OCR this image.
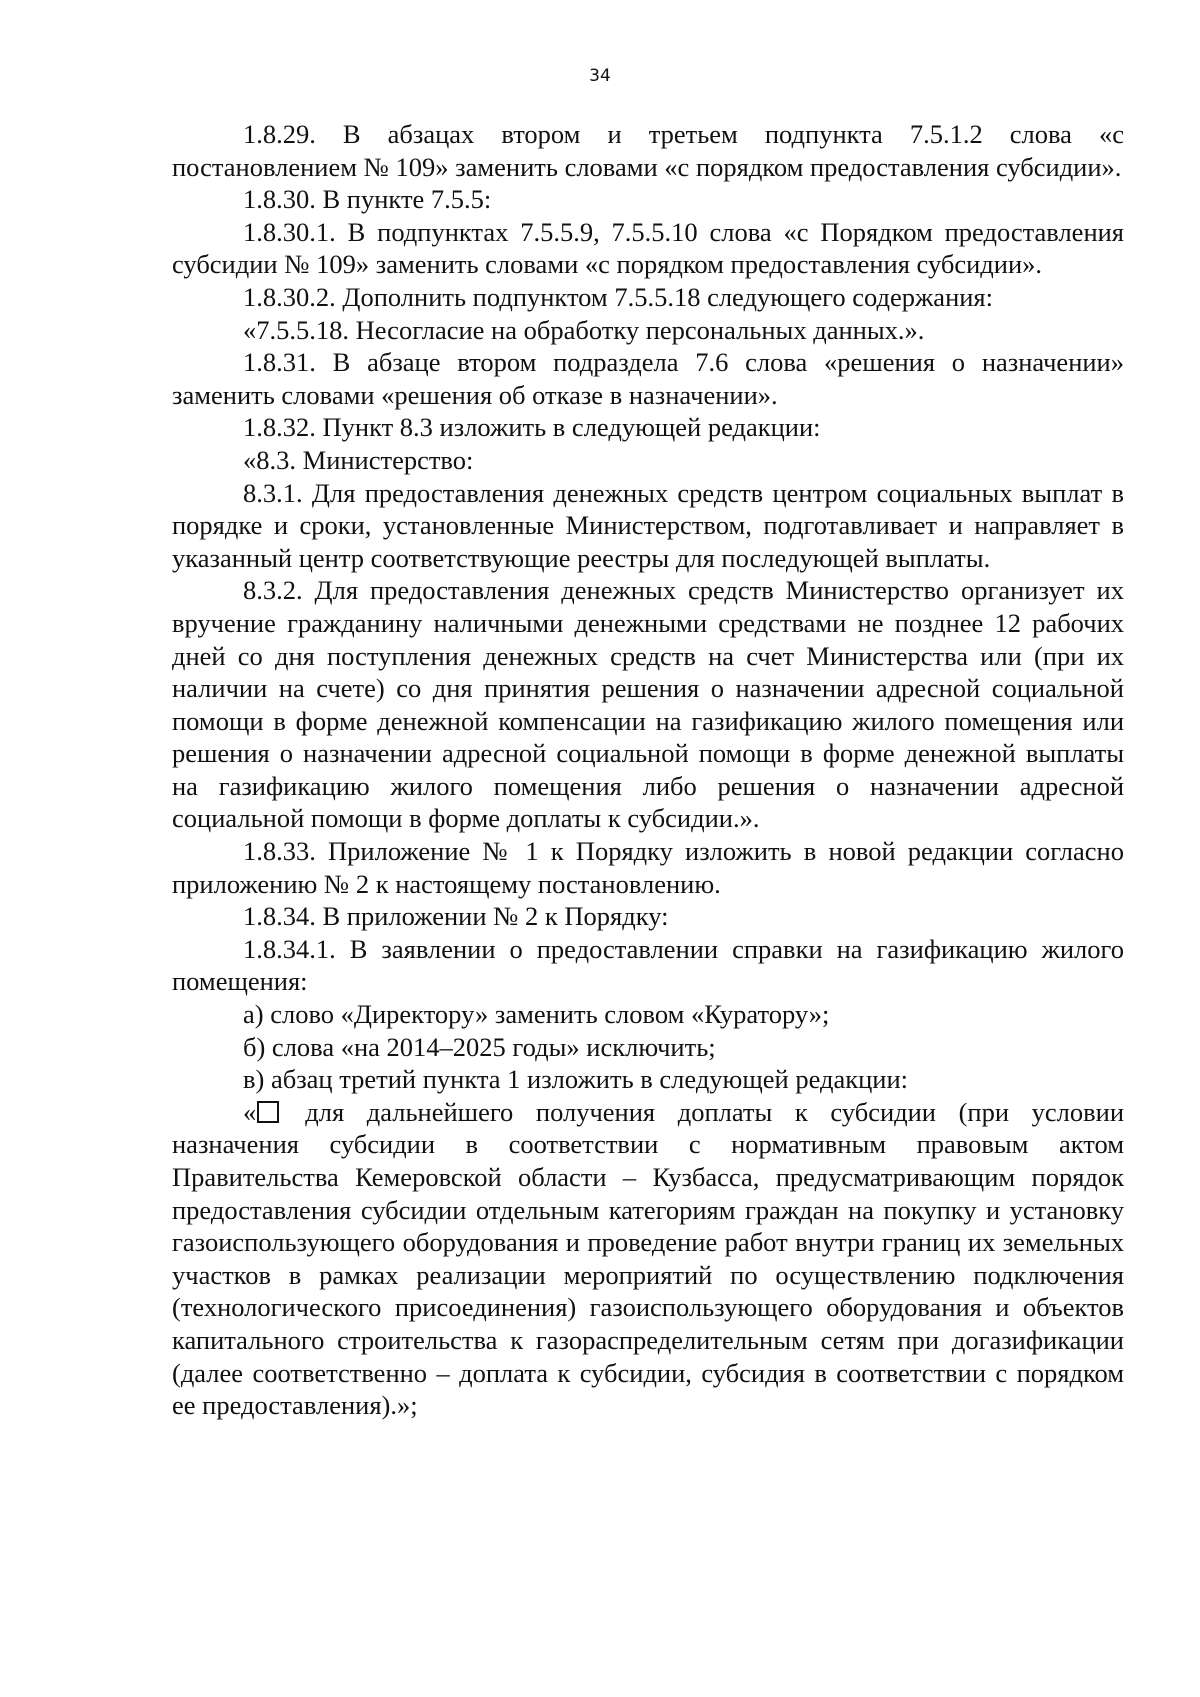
34

1.8.29. В абзацах втором и третьем подпункта 7.5.1.2 слова «с постановлением № 109» заменить словами «с порядком предоставления субсидии».

1.8.30. В пункте 7.5.5:

1.8.30.1. В подпунктах 7.5.5.9, 7.5.5.10 слова «с Порядком предоставления субсидии № 109» заменить словами «с порядком предоставления субсидии».

1.8.30.2. Дополнить подпунктом 7.5.5.18 следующего содержания:

«7.5.5.18. Несогласие на обработку персональных данных.».

1.8.31. В абзаце втором подраздела 7.6 слова «решения о назначении» заменить словами «решения об отказе в назначении».

1.8.32. Пункт 8.3 изложить в следующей редакции:

«8.3. Министерство:

8.3.1. Для предоставления денежных средств центром социальных выплат в порядке и сроки, установленные Министерством, подготавливает и направляет в указанный центр соответствующие реестры для последующей выплаты.

8.3.2. Для предоставления денежных средств Министерство организует их вручение гражданину наличными денежными средствами не позднее 12 рабочих дней со дня поступления денежных средств на счет Министерства или (при их наличии на счете) со дня принятия решения о назначении адресной социальной помощи в форме денежной компенсации на газификацию жилого помещения или решения о назначении адресной социальной помощи в форме денежной выплаты на газификацию жилого помещения либо решения о назначении адресной социальной помощи в форме доплаты к субсидии.».

1.8.33. Приложение № 1 к Порядку изложить в новой редакции согласно приложению № 2 к настоящему постановлению.

1.8.34. В приложении № 2 к Порядку:

1.8.34.1. В заявлении о предоставлении справки на газификацию жилого помещения:

а) слово «Директору» заменить словом «Куратору»;

б) слова «на 2014–2025 годы» исключить;

в) абзац третий пункта 1 изложить в следующей редакции:

« для дальнейшего получения доплаты к субсидии (при условии назначения субсидии в соответствии с нормативным правовым актом Правительства Кемеровской области – Кузбасса, предусматривающим порядок предоставления субсидии отдельным категориям граждан на покупку и установку газоиспользующего оборудования и проведение работ внутри границ их земельных участков в рамках реализации мероприятий по осуществлению подключения (технологического присоединения) газоиспользующего оборудования и объектов капитального строительства к газораспределительным сетям при догазификации (далее соответственно – доплата к субсидии, субсидия в соответствии с порядком ее предоставления).»;
